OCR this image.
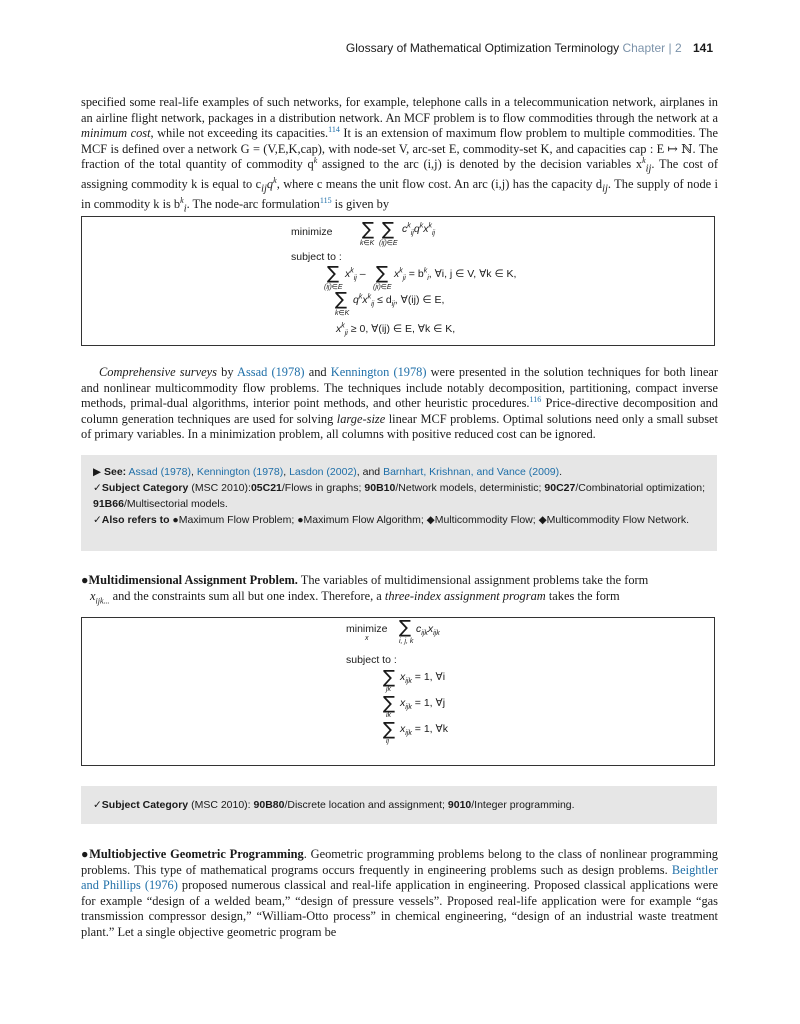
Glossary of Mathematical Optimization Terminology Chapter | 2 141

specified some real-life examples of such networks, for example, telephone calls in a telecommunication network, airplanes in an airline flight network, packages in a distribution network. An MCF problem is to flow commodities through the network at a minimum cost, while not exceeding its capacities.$^{114}$ It is an extension of maximum flow problem to multiple commodities. The MCF is defined over a network G = (V,E,K,cap), with node-set V, arc-set E, commodity-set K, and capacities cap : E ↦ ℕ. The fraction of the total quantity of commodity $q^k$ assigned to the arc (i,j) is denoted by the decision variables $x^k_{ij}$. The cost of assigning commodity k is equal to $c_{ij}q^k$, where c means the unit flow cost. An arc (i,j) has the capacity $d_{ij}$. The supply of node i in commodity k is $b^k_i$. The node-arc formulation$^{115}$ is given by

minimize ∑ ∑
k∈K (ij)∈E
$c^k_{ij}q^kx^k_{ij}$
subject to :
∑
(ij)∈E
$x^k_{ij}$ – ∑
(ji)∈E
$x^k_{ji} = b^k_i$, ∀i, j ∈ V, ∀k ∈ K,
∑
k∈K
$q^kx^k_{ij} \le d_{ij}$, ∀(ij) ∈ E,
$x^k_{ji} \ge 0$, ∀(ij) ∈ E, ∀k ∈ K,

Comprehensive surveys by Assad (1978) and Kennington (1978) were presented in the solution techniques for both linear and nonlinear multicommodity flow problems. The techniques include notably decomposition, partitioning, compact inverse methods, primal-dual algorithms, interior point methods, and other heuristic procedures.$^{116}$ Price-directive decomposition and column generation techniques are used for solving large-size linear MCF problems. Optimal solutions need only a small subset of primary variables. In a minimization problem, all columns with positive reduced cost can be ignored.

▶ See: Assad (1978), Kennington (1978), Lasdon (2002), and Barnhart, Krishnan, and Vance (2009).
✓Subject Category (MSC 2010):05C21/Flows in graphs; 90B10/Network models, deterministic; 90C27/Combinatorial optimization; 91B66/Multisectorial models.
✓Also refers to ●Maximum Flow Problem; ●Maximum Flow Algorithm; ◆Multicommodity Flow; ◆Multicommodity Flow Network.

●Multidimensional Assignment Problem. The variables of multidimensional assignment problems take the form
$x_{ijk...}$ and the constraints sum all but one index. Therefore, a three-index assignment program takes the form

minimize
x
∑
i, j, k
$c_{ijk}x_{ijk}$
subject to :
∑
jk
$x_{ijk} = 1$, ∀i
∑
ik
$x_{ijk} = 1$, ∀j
∑
ij
$x_{ijk} = 1$, ∀k
✓Subject Category (MSC 2010): 90B80/Discrete location and assignment; 9010/Integer programming.

●Multiobjective Geometric Programming. Geometric programming problems belong to the class of nonlinear programming problems. This type of mathematical programs occurs frequently in engineering problems such as design problems. Beightler and Phillips (1976) proposed numerous classical and real-life application in engineering. Proposed classical applications were for example “design of a welded beam,” “design of pressure vessels”. Proposed real-life application were for example “gas transmission compressor design,” “William-Otto process” in chemical engineering, “design of an industrial waste treatment plant.” Let a single objective geometric program be
